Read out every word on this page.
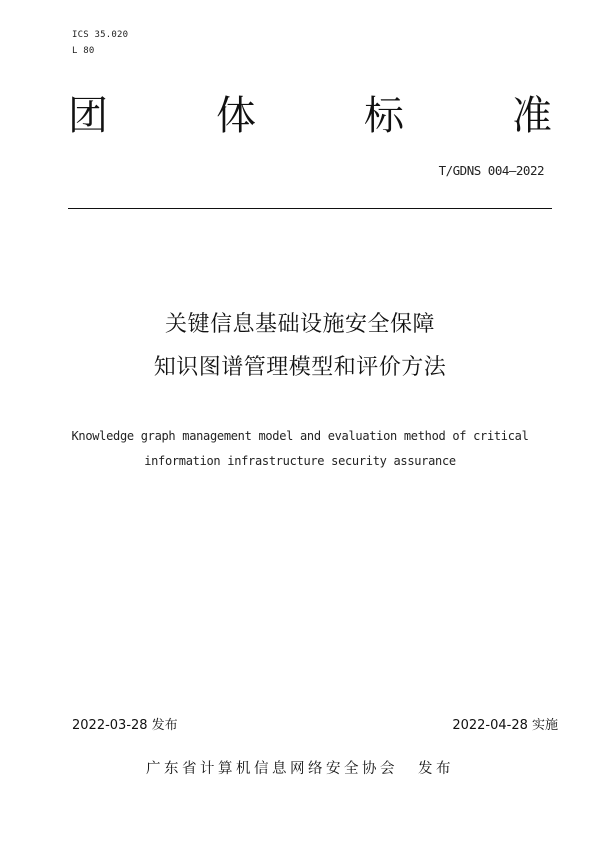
ICS 35.020
L 80
团	体	标	准
T/GDNS 004—2022
关键信息基础设施安全保障
知识图谱管理模型和评价方法
Knowledge graph management model and evaluation method of critical
information infrastructure security assurance
2022-03-28 发布	2022-04-28 实施
广东省计算机信息网络安全协会 发布
